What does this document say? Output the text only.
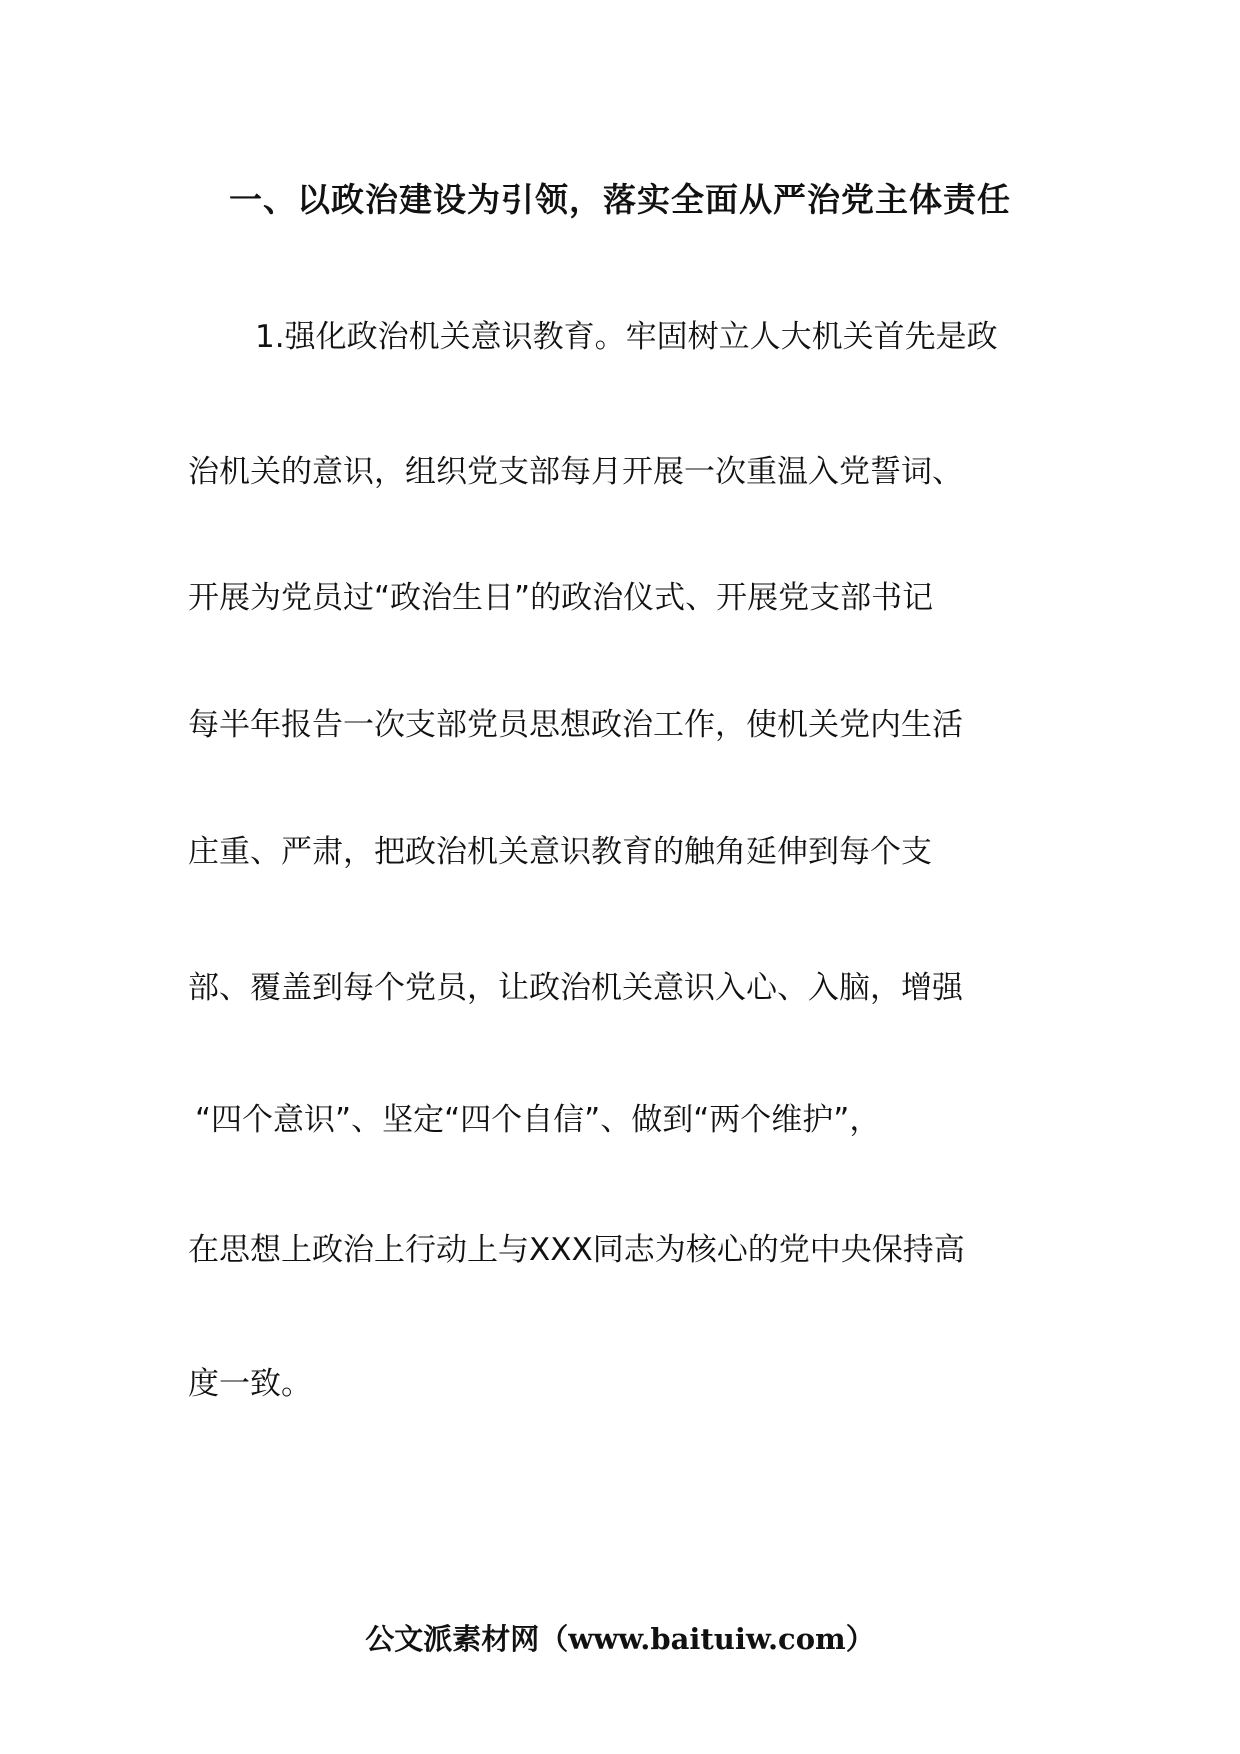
一、以政治建设为引领，落实全面从严治党主体责任
1.强化政治机关意识教育。牢固树立人大机关首先是政
治机关的意识，组织党支部每月开展一次重温入党誓词、
开展为党员过“政治生日”的政治仪式、开展党支部书记
每半年报告一次支部党员思想政治工作，使机关党内生活
庄重、严肃，把政治机关意识教育的触角延伸到每个支
部、覆盖到每个党员，让政治机关意识入心、入脑，增强
“四个意识”、坚定“四个自信”、做到“两个维护”，
在思想上政治上行动上与XXX同志为核心的党中央保持高
度一致。
公文派素材网（www.baituiw.com）
